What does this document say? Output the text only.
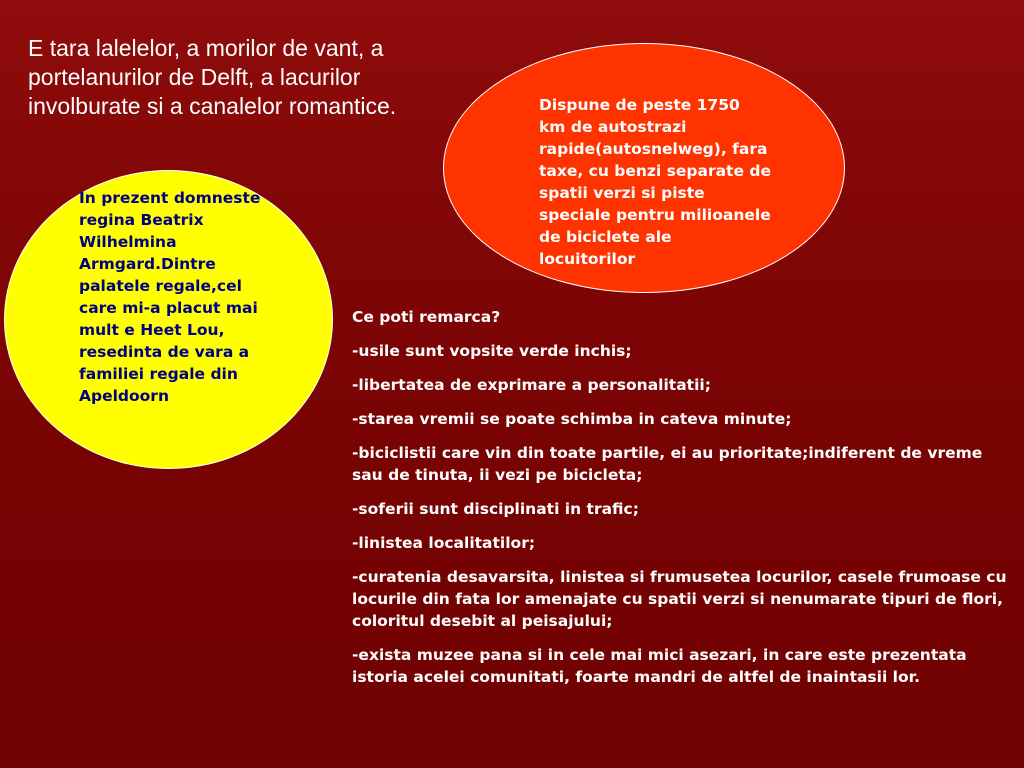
E tara lalelelor, a morilor de vant, a portelanurilor de Delft, a lacurilor involburate si a canalelor romantice.	Dispune de peste 1750 km de autostrazi rapide(autosnelweg), fara taxe, cu benzi separate de spatii verzi si piste speciale pentru milioanele de biciclete ale locuitorilor

In prezent domneste regina Beatrix Wilhelmina Armgard.Dintre palatele regale,cel care mi-a placut mai mult e Heet Lou, resedinta de vara a familiei regale din Apeldoorn

Ce poti remarca?

-usile sunt vopsite verde inchis;

-libertatea de exprimare a personalitatii;

-starea vremii se poate schimba in cateva minute;

-biciclistii care vin din toate partile, ei au prioritate;indiferent de vreme sau de tinuta, ii vezi pe bicicleta;

-soferii sunt disciplinati in trafic;

-linistea localitatilor;

-curatenia desavarsita, linistea si frumusetea locurilor, casele frumoase cu locurile din fata lor amenajate cu spatii verzi si nenumarate tipuri de flori, coloritul desebit al peisajului;

-exista muzee pana si in cele mai mici asezari, in care este prezentata istoria acelei comunitati, foarte mandri de altfel de inaintasii lor.
